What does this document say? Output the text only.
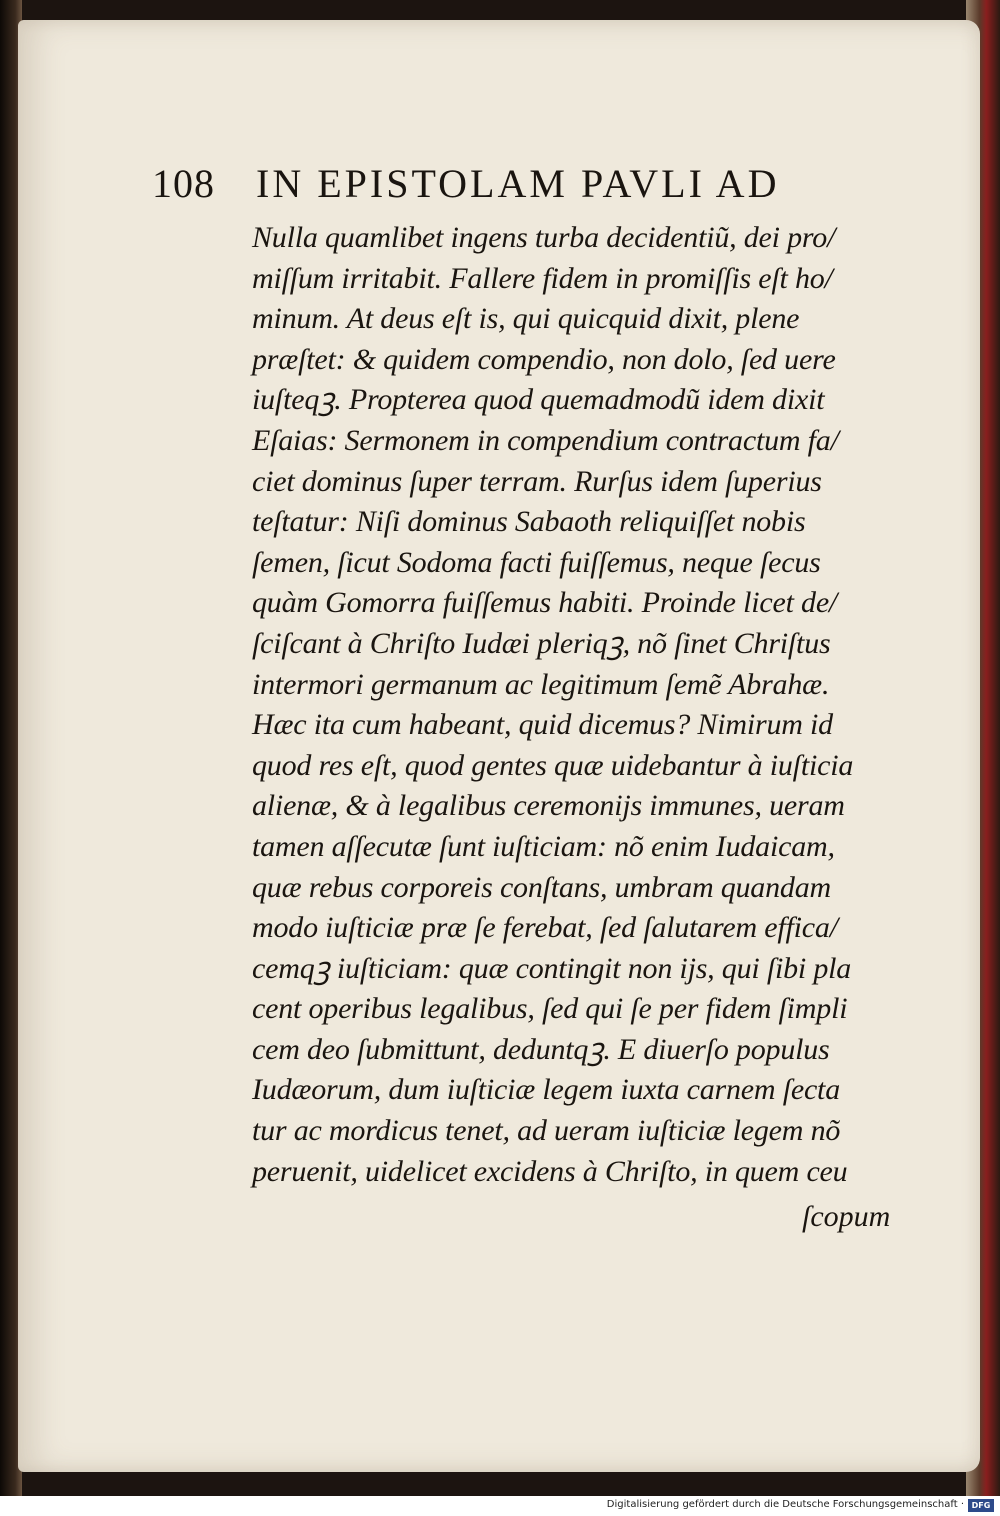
108 IN EPISTOLAM PAVLI AD
Nulla quamlibet ingens turba decidentiũ, dei pro/
miſſum irritabit. Fallere fidem in promiſſis eſt ho/
minum. At deus eſt is, qui quicquid dixit, plene
præſtet: & quidem compendio, non dolo, ſed uere
iuſteqꝫ. Propterea quod quemadmodũ idem dixit
Eſaias: Sermonem in compendium contractum fa/
ciet dominus ſuper terram. Rurſus idem ſuperius
teſtatur: Niſi dominus Sabaoth reliquiſſet nobis
ſemen, ſicut Sodoma facti fuiſſemus, neque ſecus
quàm Gomorra fuiſſemus habiti. Proinde licet de/
ſciſcant à Chriſto Iudæi pleriqꝫ, nõ ſinet Chriſtus
intermori germanum ac legitimum ſemẽ Abrahæ.
Hæc ita cum habeant, quid dicemus? Nimirum id
quod res eſt, quod gentes quæ uidebantur à iuſticia
alienæ, & à legalibus ceremonijs immunes, ueram
tamen aſſecutæ ſunt iuſticiam: nõ enim Iudaicam,
quæ rebus corporeis conſtans, umbram quandam
modo iuſticiæ præ ſe ferebat, ſed ſalutarem effica/
cemqꝫ iuſticiam: quæ contingit non ijs, qui ſibi pla
cent operibus legalibus, ſed qui ſe per fidem ſimpli
cem deo ſubmittunt, deduntqꝫ. E diuerſo populus
Iudæorum, dum iuſticiæ legem iuxta carnem ſecta
tur ac mordicus tenet, ad ueram iuſticiæ legem nõ
peruenit, uidelicet excidens à Chriſto, in quem ceu
ſcopum
Digitalisierung gefördert durch die Deutsche Forschungsgemeinschaft · DFG
